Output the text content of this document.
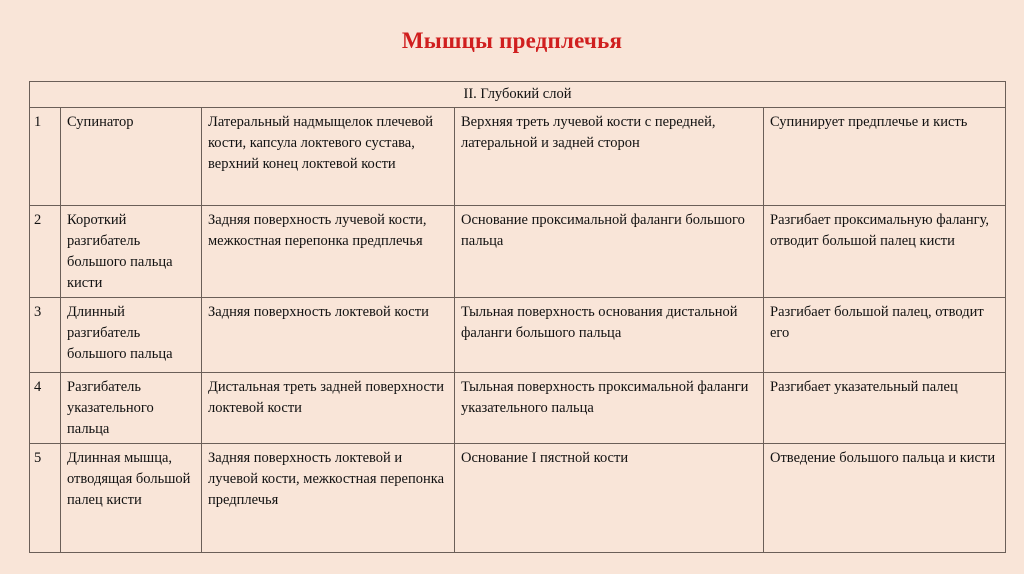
Мышцы предплечья
II. Глубокий слой				
1	Супинатор	Латеральный надмыщелок плечевой кости, капсула локтевого сустава, верхний конец локтевой кости	Верхняя треть лучевой кости с передней, латеральной и задней сторон	Супинирует предплечье и кисть
2	Короткий разгибатель большого пальца кисти	Задняя поверхность лучевой кости, межкостная перепонка предплечья	Основание проксимальной фаланги большого пальца	Разгибает проксимальную фалангу, отводит большой палец кисти
3	Длинный разгибатель большого пальца	Задняя поверхность локтевой кости	Тыльная поверхность основания дистальной фаланги большого пальца	Разгибает большой палец, отводит его
4	Разгибатель указательного пальца	Дистальная треть задней поверхности локтевой кости	Тыльная поверхность проксимальной фаланги указательного пальца	Разгибает указательный палец
5	Длинная мышца, отводящая большой палец кисти	Задняя поверхность локтевой и лучевой кости, межкостная перепонка предплечья	Основание I пястной кости	Отведение большого пальца и кисти
